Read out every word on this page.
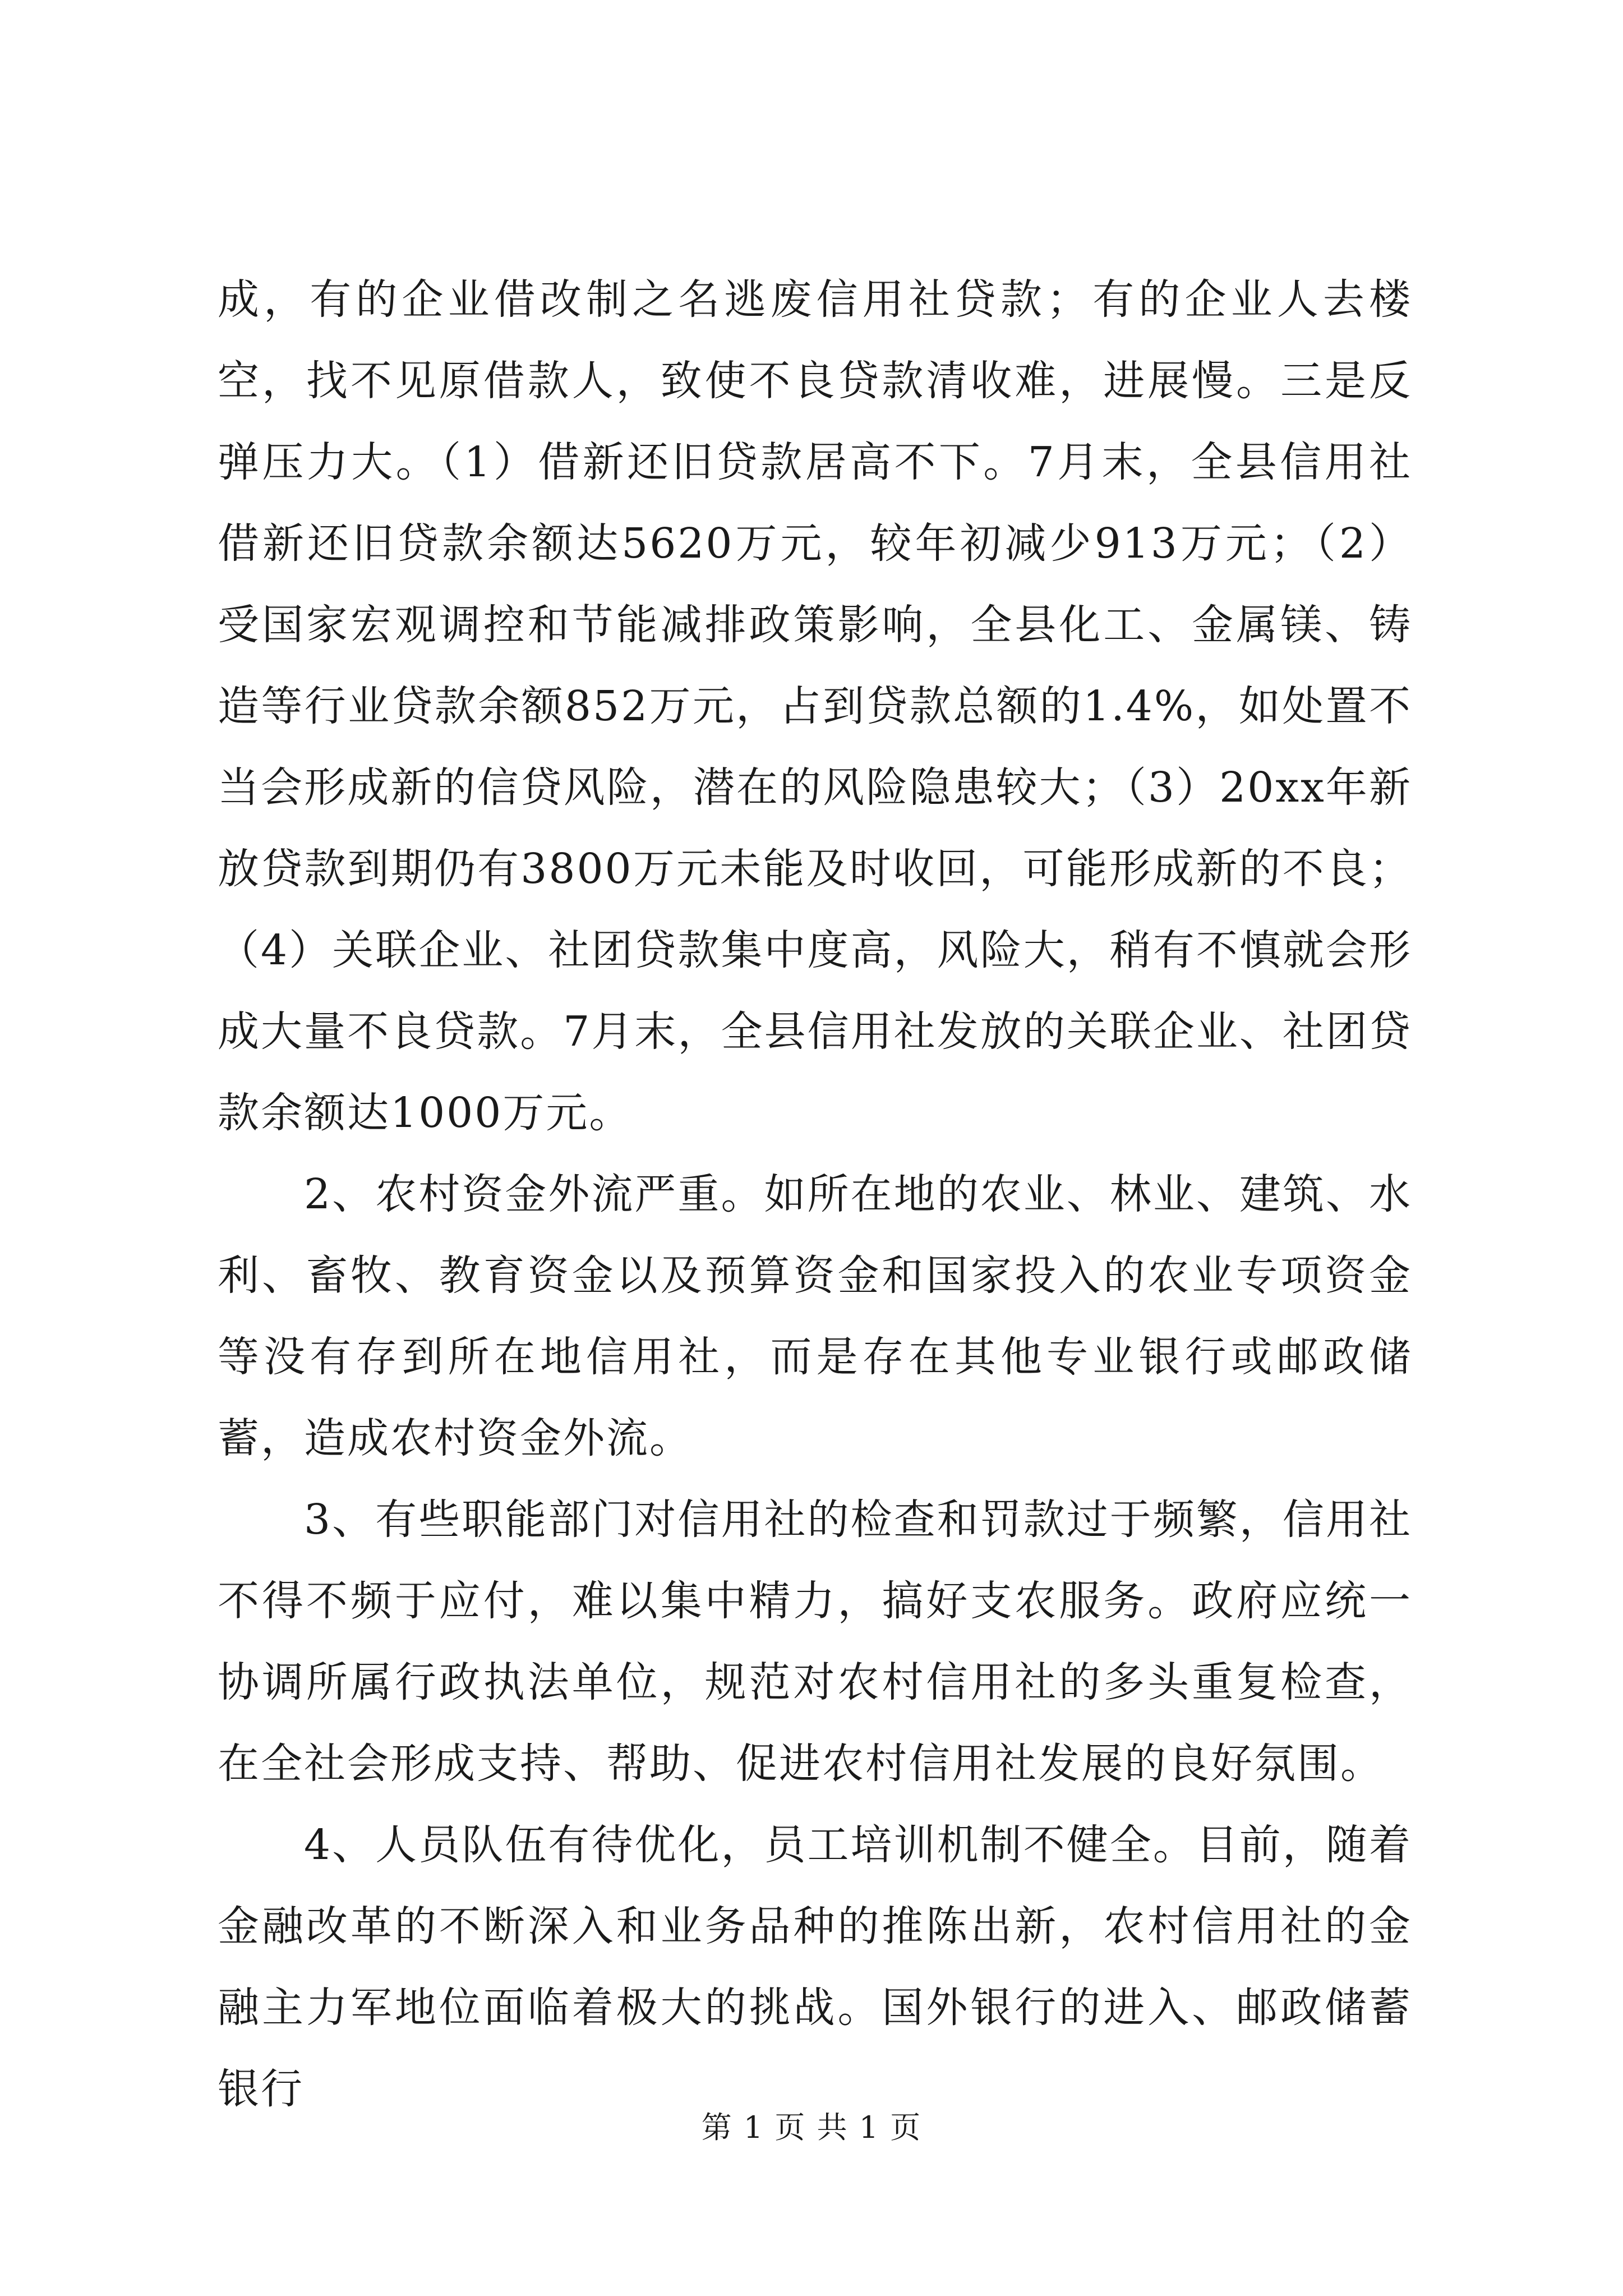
成，有的企业借改制之名逃废信用社贷款；有的企业人去楼空，找不见原借款人，致使不良贷款清收难，进展慢。三是反弹压力大。（1）借新还旧贷款居高不下。7月末，全县信用社借新还旧贷款余额达5620万元，较年初减少913万元；（2）受国家宏观调控和节能减排政策影响，全县化工、金属镁、铸造等行业贷款余额852万元，占到贷款总额的1.4%，如处置不当会形成新的信贷风险，潜在的风险隐患较大；（3）20xx年新放贷款到期仍有3800万元未能及时收回，可能形成新的不良；（4）关联企业、社团贷款集中度高，风险大，稍有不慎就会形成大量不良贷款。7月末，全县信用社发放的关联企业、社团贷款余额达1000万元。

2、农村资金外流严重。如所在地的农业、林业、建筑、水利、畜牧、教育资金以及预算资金和国家投入的农业专项资金等没有存到所在地信用社，而是存在其他专业银行或邮政储蓄，造成农村资金外流。

3、有些职能部门对信用社的检查和罚款过于频繁，信用社不得不频于应付，难以集中精力，搞好支农服务。政府应统一协调所属行政执法单位，规范对农村信用社的多头重复检查，在全社会形成支持、帮助、促进农村信用社发展的良好氛围。

4、人员队伍有待优化，员工培训机制不健全。目前，随着金融改革的不断深入和业务品种的推陈出新，农村信用社的金融主力军地位面临着极大的挑战。国外银行的进入、邮政储蓄银行

第 1 页 共 1 页
